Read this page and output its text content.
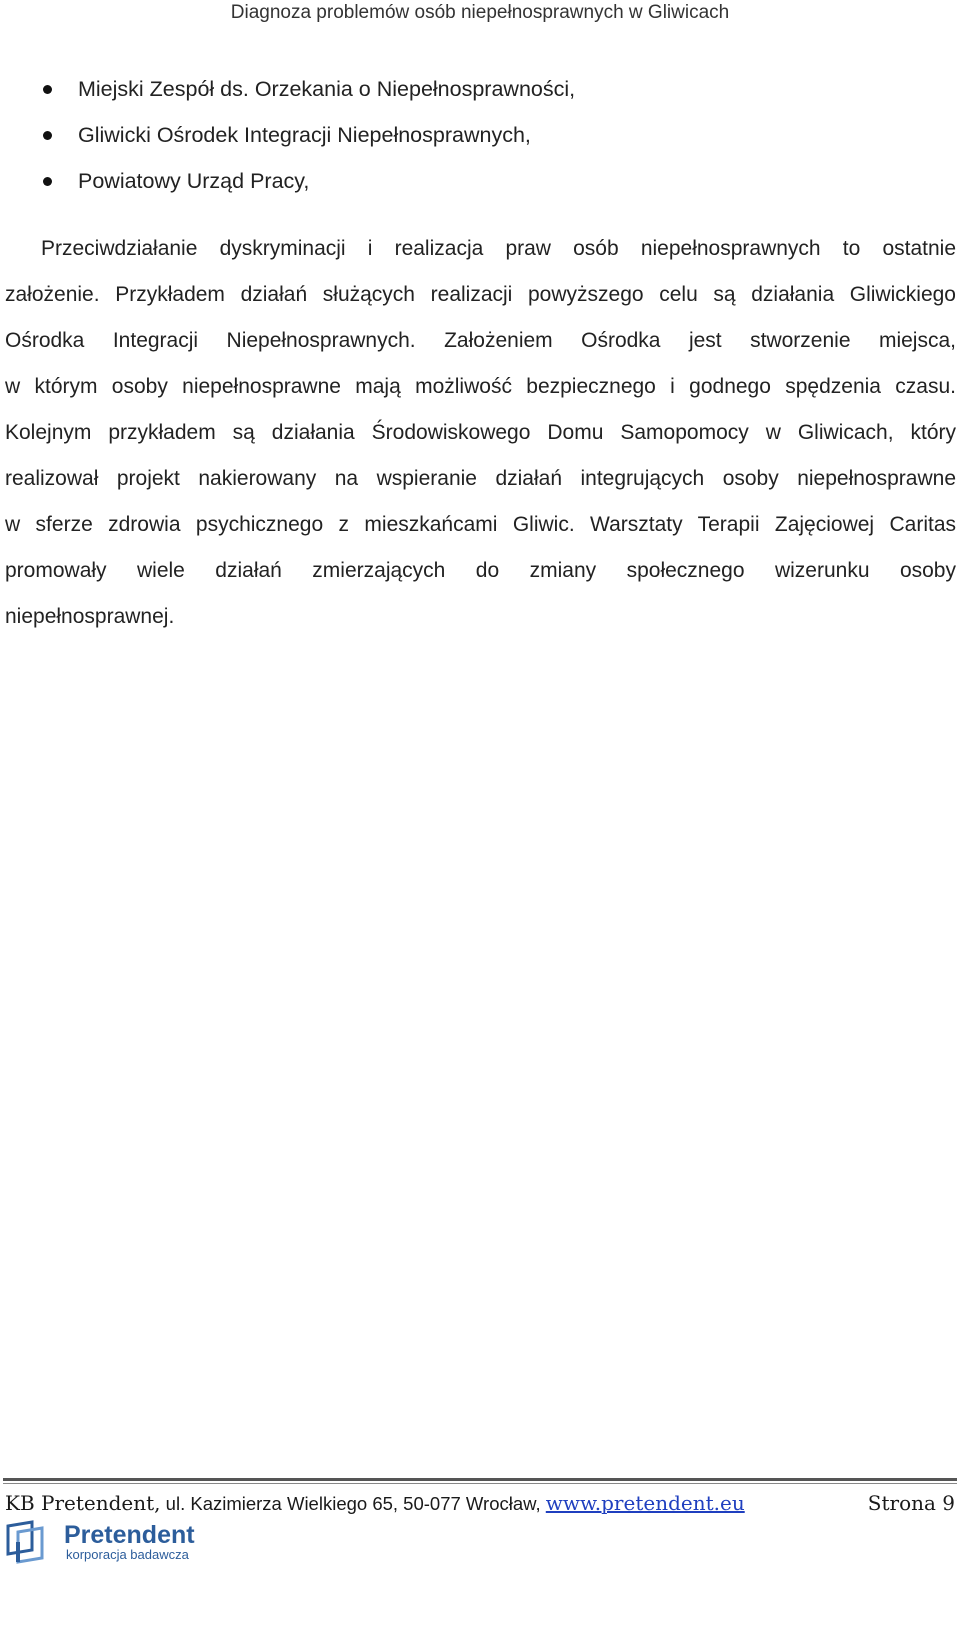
Diagnoza problemów osób niepełnosprawnych w Gliwicach
Miejski Zespół ds. Orzekania o Niepełnosprawności,
Gliwicki Ośrodek Integracji Niepełnosprawnych,
Powiatowy Urząd Pracy,
Przeciwdziałanie dyskryminacji i realizacja praw osób niepełnosprawnych to ostatnie
założenie. Przykładem działań służących realizacji powyższego celu są działania Gliwickiego
Ośrodka Integracji Niepełnosprawnych. Założeniem Ośrodka jest stworzenie miejsca,
w którym osoby niepełnosprawne mają możliwość bezpiecznego i godnego spędzenia czasu.
Kolejnym przykładem są działania Środowiskowego Domu Samopomocy w Gliwicach, który
realizował projekt nakierowany na wspieranie działań integrujących osoby niepełnosprawne
w sferze zdrowia psychicznego z mieszkańcami Gliwic. Warsztaty Terapii Zajęciowej Caritas
promowały wiele działań zmierzających do zmiany społecznego wizerunku osoby
niepełnosprawnej.
KB Pretendent, ul. Kazimierza Wielkiego 65, 50-077 Wrocław, www.pretendent.eu	Strona 9
Pretendent
korporacja badawcza
